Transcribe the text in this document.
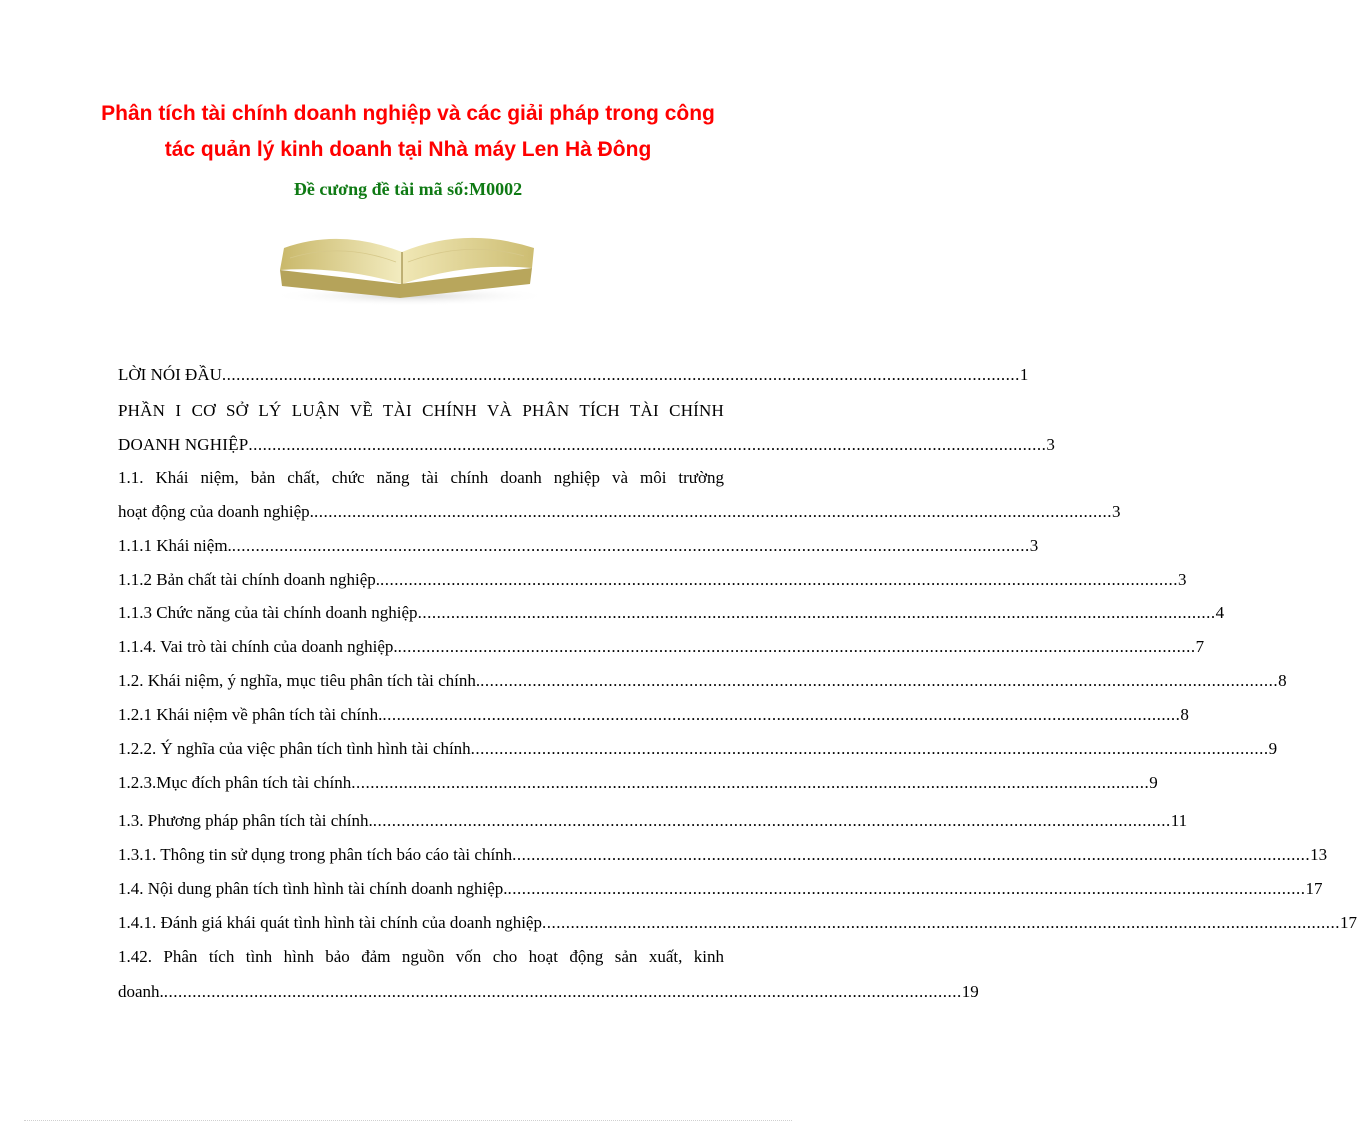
Phân tích tài chính doanh nghiệp và các giải pháp trong công
tác quản lý kinh doanh tại Nhà máy Len Hà Đông
Đề cương đề tài mã số:M0002
LỜI NÓI ĐẦU ........................................................................................................................................................................ 1
PHẦN I CƠ SỞ LÝ LUẬN VỀ TÀI CHÍNH VÀ PHÂN TÍCH TÀI CHÍNH
DOANH NGHIỆP ........................................................................................................................................................................ 3
1.1. Khái niệm, bản chất, chức năng tài chính doanh nghiệp và môi trường
hoạt động của doanh nghiệp. ........................................................................................................................................................................ 3
1.1.1 Khái niệm. ........................................................................................................................................................................ 3
1.1.2 Bản chất tài chính doanh nghiệp. ........................................................................................................................................................................ 3
1.1.3 Chức năng của tài chính doanh nghiệp ........................................................................................................................................................................ 4
1.1.4. Vai trò tài chính của doanh nghiệp. ........................................................................................................................................................................ 7
1.2. Khái niệm, ý nghĩa, mục tiêu phân tích tài chính. ........................................................................................................................................................................ 8
1.2.1 Khái niệm về phân tích tài chính. ........................................................................................................................................................................ 8
1.2.2. Ý nghĩa của việc phân tích tình hình tài chính ........................................................................................................................................................................ 9
1.2.3.Mục đích phân tích tài chính ........................................................................................................................................................................ 9
1.3. Phương pháp phân tích tài chính. ........................................................................................................................................................................ 11
1.3.1. Thông tin sử dụng trong phân tích báo cáo tài chính ........................................................................................................................................................................ 13
1.4. Nội dung phân tích tình hình tài chính doanh nghiệp. ........................................................................................................................................................................ 17
1.4.1. Đánh giá khái quát tình hình tài chính của doanh nghiệp ........................................................................................................................................................................ 17
1.42. Phân tích tình hình bảo đảm nguồn vốn cho hoạt động sản xuất, kinh
doanh. ........................................................................................................................................................................ 19
